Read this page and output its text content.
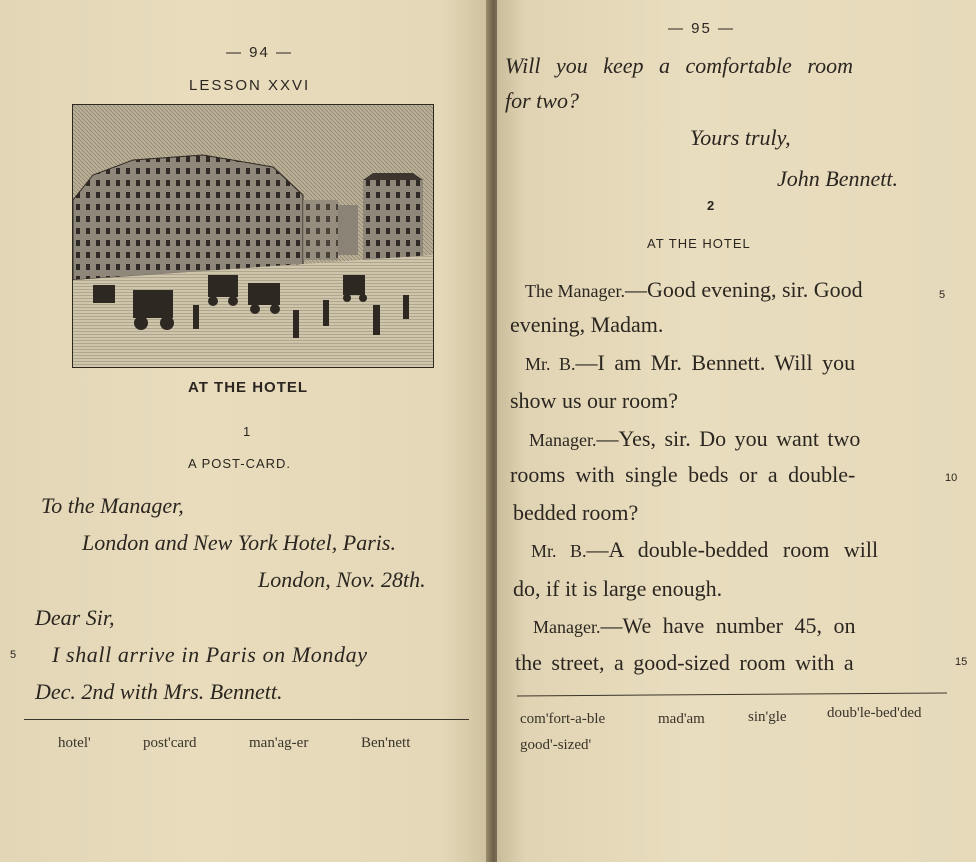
— 94 —
LESSON XXVI
AT THE HOTEL
1
A POST-CARD.
To the Manager,
London and New York Hotel, Paris.
London, Nov. 28th.
Dear Sir,
5 I shall arrive in Paris on Monday
Dec. 2nd with Mrs. Bennett.
hotel'	post'card	man'ag-er	Ben'nett
— 95 —
Will you keep a comfortable room
for two?
Yours truly,
John Bennett.
2
AT THE HOTEL
The Manager.—Good evening, sir. Good	5
evening, Madam.
Mr. B.—I am Mr. Bennett. Will you
show us our room?
Manager.—Yes, sir. Do you want two
rooms with single beds or a double-	10
bedded room?
Mr. B.—A double-bedded room will
do, if it is large enough.
Manager.—We have number 45, on
the street, a good-sized room with a	15
com'fort-a-ble	mad'am	sin'gle	doub'le-bed'ded
good'-sized'
